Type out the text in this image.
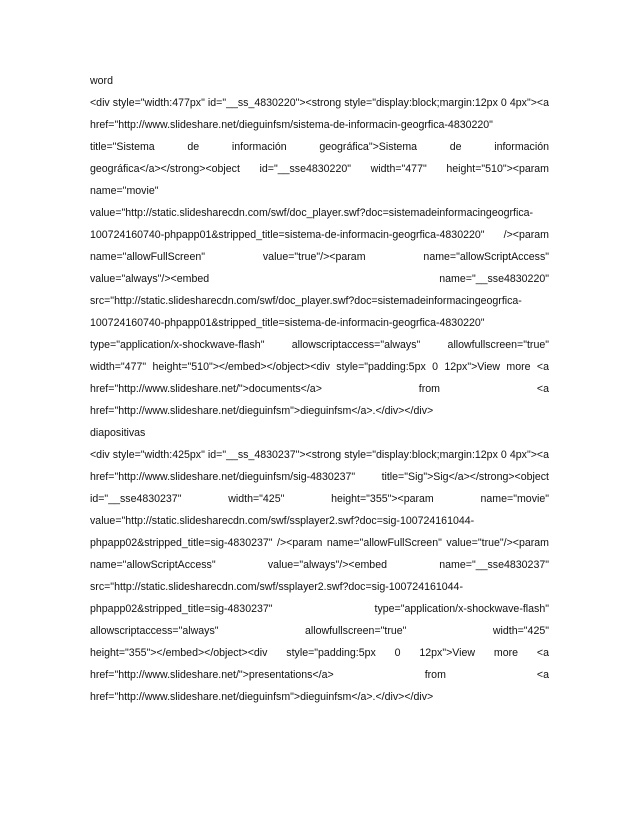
word
<div style="width:477px" id="__ss_4830220"><strong style="display:block;margin:12px 0 4px"><a
href="http://www.slideshare.net/dieguinfsm/sistema-de-informacin-geogrfica-4830220"
title="Sistema de información geográfica">Sistema de información
geográfica</a></strong><object id="__sse4830220" width="477" height="510"><param
name="movie"
value="http://static.slidesharecdn.com/swf/doc_player.swf?doc=sistemadeinformacingeogrfica-
100724160740-phpapp01&stripped_title=sistema-de-informacin-geogrfica-4830220" /><param
name="allowFullScreen" value="true"/><param name="allowScriptAccess"
value="always"/><embed name="__sse4830220"
src="http://static.slidesharecdn.com/swf/doc_player.swf?doc=sistemadeinformacingeogrfica-
100724160740-phpapp01&stripped_title=sistema-de-informacin-geogrfica-4830220"
type="application/x-shockwave-flash" allowscriptaccess="always" allowfullscreen="true"
width="477" height="510"></embed></object><div style="padding:5px 0 12px">View more <a
href="http://www.slideshare.net/">documents</a> from <a
href="http://www.slideshare.net/dieguinfsm">dieguinfsm</a>.</div></div>
diapositivas
<div style="width:425px" id="__ss_4830237"><strong style="display:block;margin:12px 0 4px"><a
href="http://www.slideshare.net/dieguinfsm/sig-4830237" title="Sig">Sig</a></strong><object
id="__sse4830237" width="425" height="355"><param name="movie"
value="http://static.slidesharecdn.com/swf/ssplayer2.swf?doc=sig-100724161044-
phpapp02&stripped_title=sig-4830237" /><param name="allowFullScreen" value="true"/><param
name="allowScriptAccess" value="always"/><embed name="__sse4830237"
src="http://static.slidesharecdn.com/swf/ssplayer2.swf?doc=sig-100724161044-
phpapp02&stripped_title=sig-4830237" type="application/x-shockwave-flash"
allowscriptaccess="always" allowfullscreen="true" width="425"
height="355"></embed></object><div style="padding:5px 0 12px">View more <a
href="http://www.slideshare.net/">presentations</a> from <a
href="http://www.slideshare.net/dieguinfsm">dieguinfsm</a>.</div></div>
